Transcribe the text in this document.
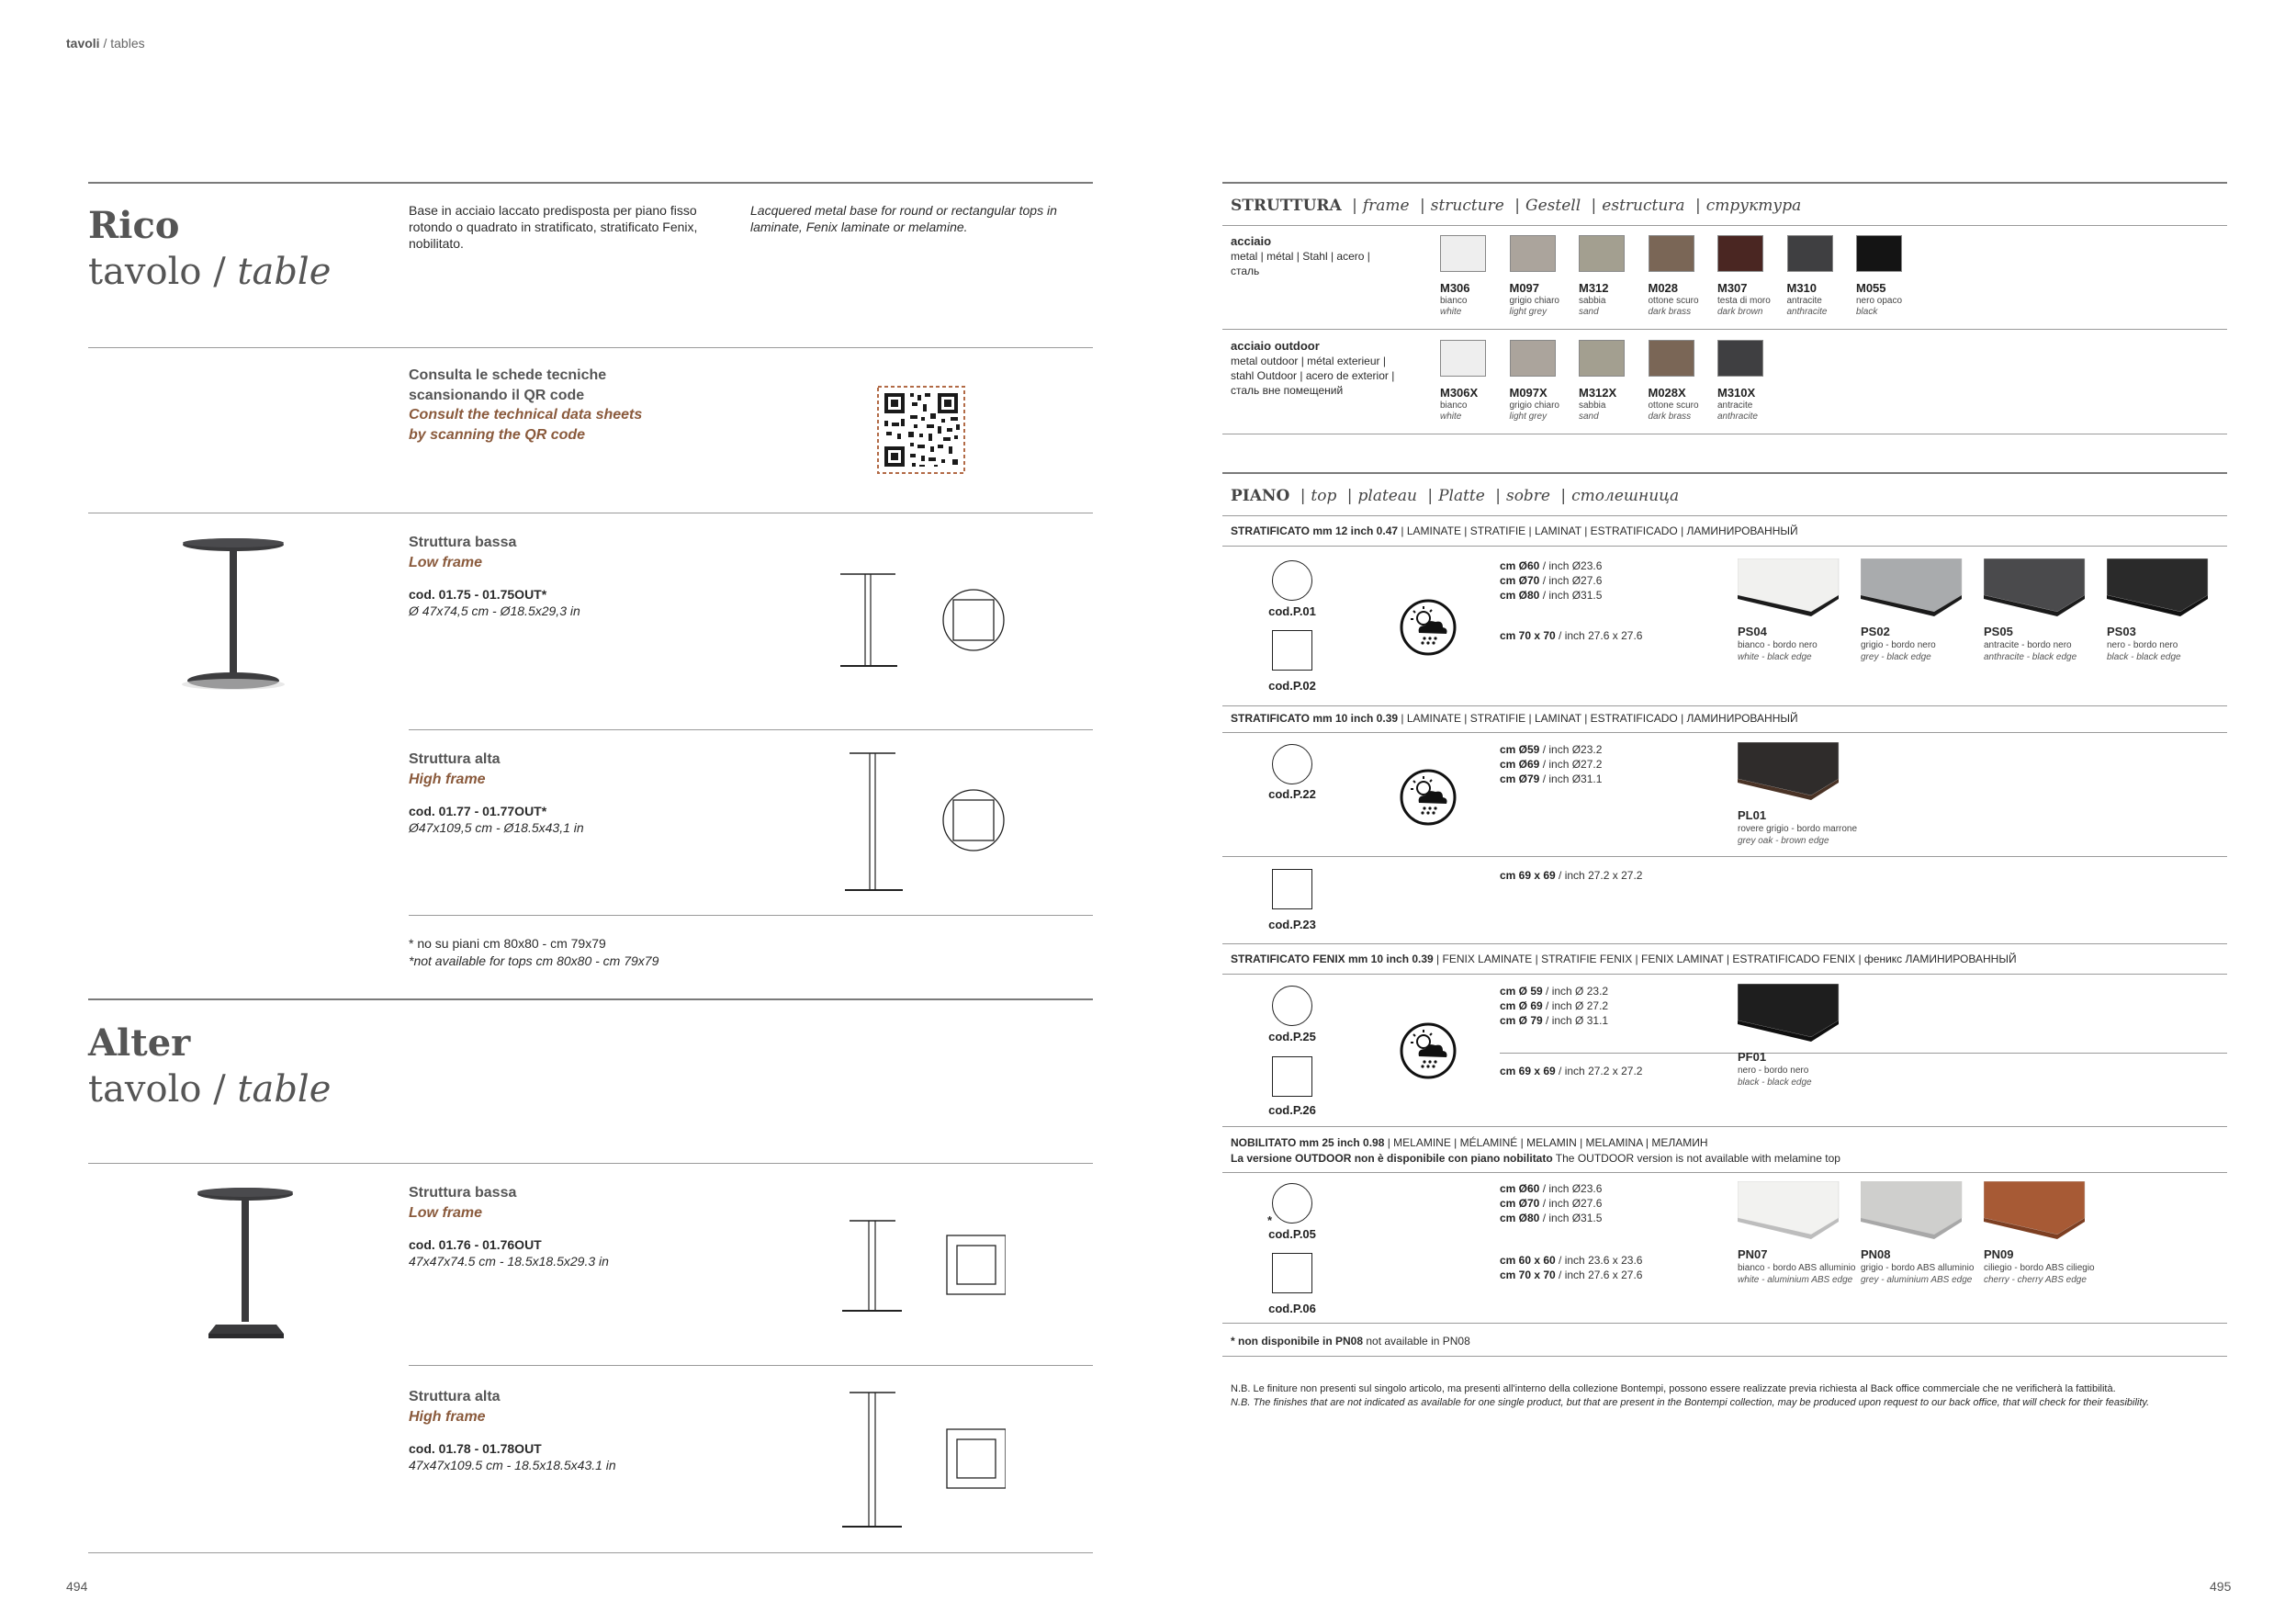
tavoli / tables
Rico
tavolo / table
Base in acciaio laccato predisposta per piano fisso rotondo o quadrato in stratificato, stratificato Fenix, nobilitato.
Lacquered metal base for round or rectangular tops in laminate, Fenix laminate or melamine.
Consulta le schede tecniche
scansionando il QR code
Consult the technical data sheets
by scanning the QR code
Struttura bassa
Low frame
cod. 01.75 - 01.75OUT*
Ø 47x74,5 cm - Ø18.5x29,3 in
Struttura alta
High frame
cod. 01.77 - 01.77OUT*
Ø47x109,5 cm - Ø18.5x43,1 in
* no su piani cm 80x80 - cm 79x79
*not available for tops cm 80x80 - cm 79x79
Alter
tavolo / table
Struttura bassa
Low frame
cod. 01.76 - 01.76OUT
47x47x74.5 cm - 18.5x18.5x29.3 in
Struttura alta
High frame
cod. 01.78 - 01.78OUT
47x47x109.5 cm - 18.5x18.5x43.1 in
494
STRUTTURA | frame | structure | Gestell | estructura | структура
acciaio
metal | métal | Stahl | acero |
сталь
M306
bianco
white
M097
grigio chiaro
light grey
M312
sabbia
sand
M028
ottone scuro
dark brass
M307
testa di moro
dark brown
M310
antracite
anthracite
M055
nero opaco
black
acciaio outdoor
metal outdoor | métal exterieur |
stahl Outdoor | acero de exterior |
сталь вне помещений	M306X
bianco
white
M097X
grigio chiaro
light grey
M312X
sabbia
sand
M028X
ottone scuro
dark brass
M310X
antracite
anthracite
PIANO | top | plateau | Platte | sobre | столешница
STRATIFICATO mm 12 inch 0.47 | LAMINATE | STRATIFIE | LAMINAT | ESTRATIFICADO | ЛАМИНИРОВАННЫЙ
cod.P.01
cod.P.02
cm Ø60 / inch Ø23.6
cm Ø70 / inch Ø27.6
cm Ø80 / inch Ø31.5
cm 70 x 70 / inch 27.6 x 27.6	PS04
bianco - bordo nero
white - black edge
PS02
grigio - bordo nero
grey - black edge
PS05
antracite - bordo nero
anthracite - black edge
PS03
nero - bordo nero
black - black edge
STRATIFICATO mm 10 inch 0.39 | LAMINATE | STRATIFIE | LAMINAT | ESTRATIFICADO | ЛАМИНИРОВАННЫЙ
cod.P.22
cm Ø59 / inch Ø23.2
cm Ø69 / inch Ø27.2
cm Ø79 / inch Ø31.1
PL01
rovere grigio - bordo marrone
grey oak - brown edge
cod.P.23
cm 69 x 69 / inch 27.2 x 27.2
STRATIFICATO FENIX mm 10 inch 0.39 | FENIX LAMINATE | STRATIFIE FENIX | FENIX LAMINAT | ESTRATIFICADO FENIX | феникс ЛАМИНИРОВАННЫЙ
cod.P.25
cod.P.26
cm Ø 59 / inch Ø 23.2
cm Ø 69 / inch Ø 27.2
cm Ø 79 / inch Ø 31.1
cm 69 x 69 / inch 27.2 x 27.2
PF01
nero - bordo nero
black - black edge
NOBILITATO mm 25 inch 0.98 | MELAMINE | MÉLAMINÉ | MELAMIN | MELAMINA | МЕЛАМИН
La versione OUTDOOR non è disponibile con piano nobilitato The OUTDOOR version is not available with melamine top
*
cod.P.05
cod.P.06
cm Ø60 / inch Ø23.6
cm Ø70 / inch Ø27.6
cm Ø80 / inch Ø31.5
cm 60 x 60 / inch 23.6 x 23.6
cm 70 x 70 / inch 27.6 x 27.6
PN07
bianco - bordo ABS alluminio
white - aluminium ABS edge
PN08
grigio - bordo ABS alluminio
grey - aluminium ABS edge
PN09
ciliegio - bordo ABS ciliegio
cherry - cherry ABS edge
* non disponibile in PN08 not available in PN08
N.B. Le finiture non presenti sul singolo articolo, ma presenti all'interno della collezione Bontempi, possono essere realizzate previa richiesta al Back office commerciale che ne verificherà la fattibilità.
N.B. The finishes that are not indicated as available for one single product, but that are present in the Bontempi collection, may be produced upon request to our back office, that will check for their feasibility.
495
